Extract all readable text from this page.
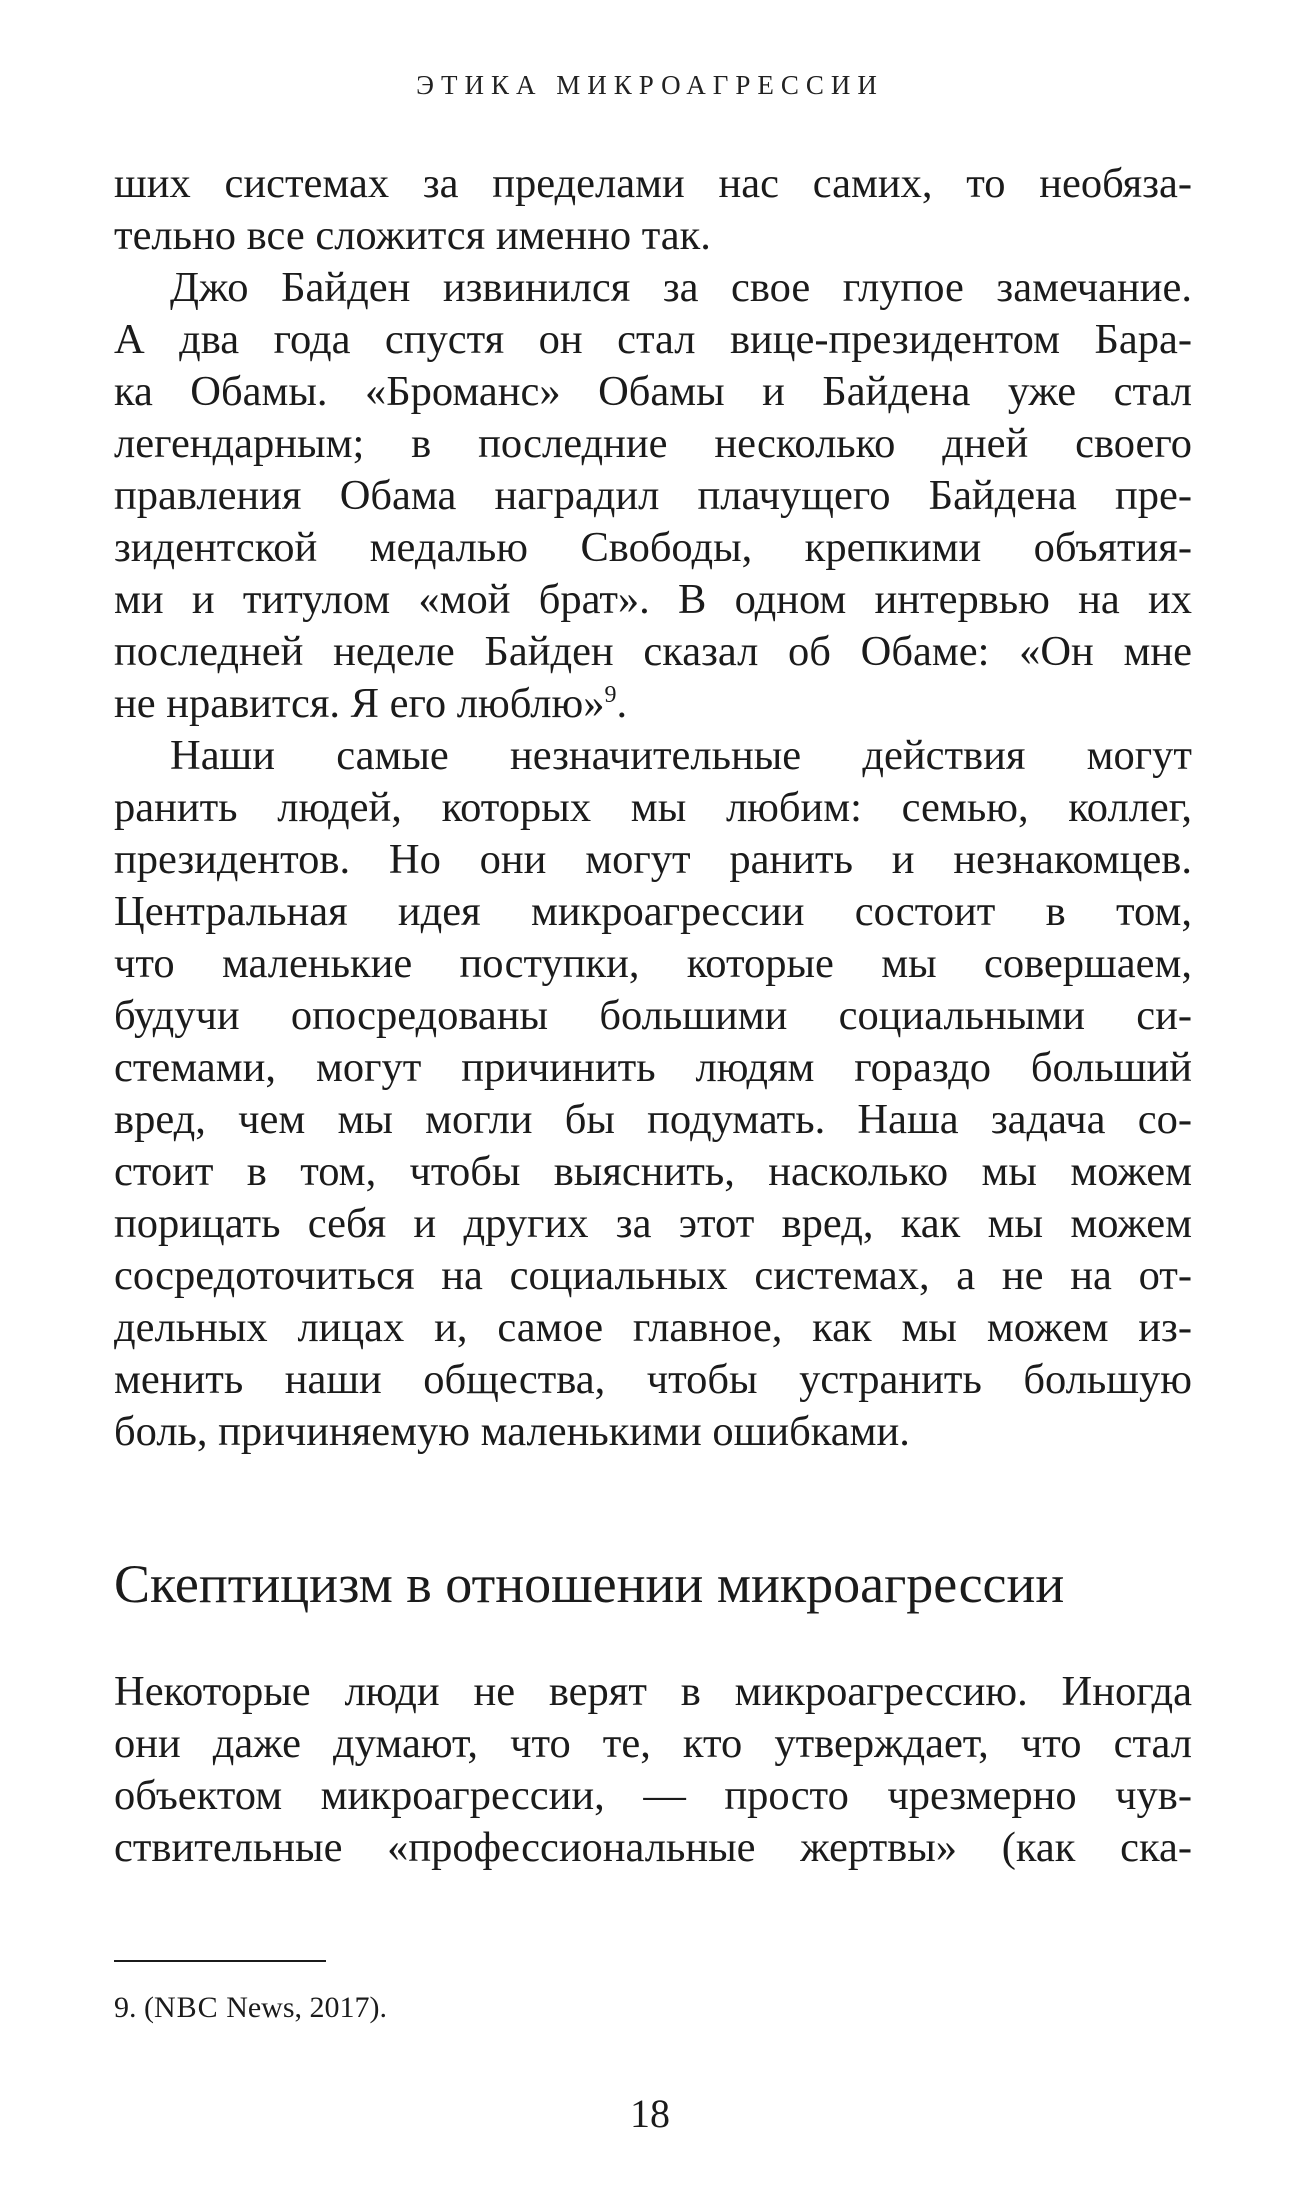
ЭТИКА МИКРОАГРЕССИИ
ших системах за пределами нас самих, то необяза-
тельно все сложится именно так.
Джо Байден извинился за свое глупое замечание.
А два года спустя он стал вице-президентом Бара-
ка Обамы. «Броманс» Обамы и Байдена уже стал
легендарным; в последние несколько дней своего
правления Обама наградил плачущего Байдена пре-
зидентской медалью Свободы, крепкими объятия-
ми и титулом «мой брат». В одном интервью на их
последней неделе Байден сказал об Обаме: «Он мне
не нравится. Я его люблю»$^9$.
Наши самые незначительные действия могут
ранить людей, которых мы любим: семью, коллег,
президентов. Но они могут ранить и незнакомцев.
Центральная идея микроагрессии состоит в том,
что маленькие поступки, которые мы совершаем,
будучи опосредованы большими социальными си-
стемами, могут причинить людям гораздо больший
вред, чем мы могли бы подумать. Наша задача со-
стоит в том, чтобы выяснить, насколько мы можем
порицать себя и других за этот вред, как мы можем
сосредоточиться на социальных системах, а не на от-
дельных лицах и, самое главное, как мы можем из-
менить наши общества, чтобы устранить большую
боль, причиняемую маленькими ошибками.
Скептицизм в отношении микроагрессии
Некоторые люди не верят в микроагрессию. Иногда
они даже думают, что те, кто утверждает, что стал
объектом микроагрессии, — просто чрезмерно чув-
ствительные «профессиональные жертвы» (как ска-
9. (NBC News, 2017).
18
